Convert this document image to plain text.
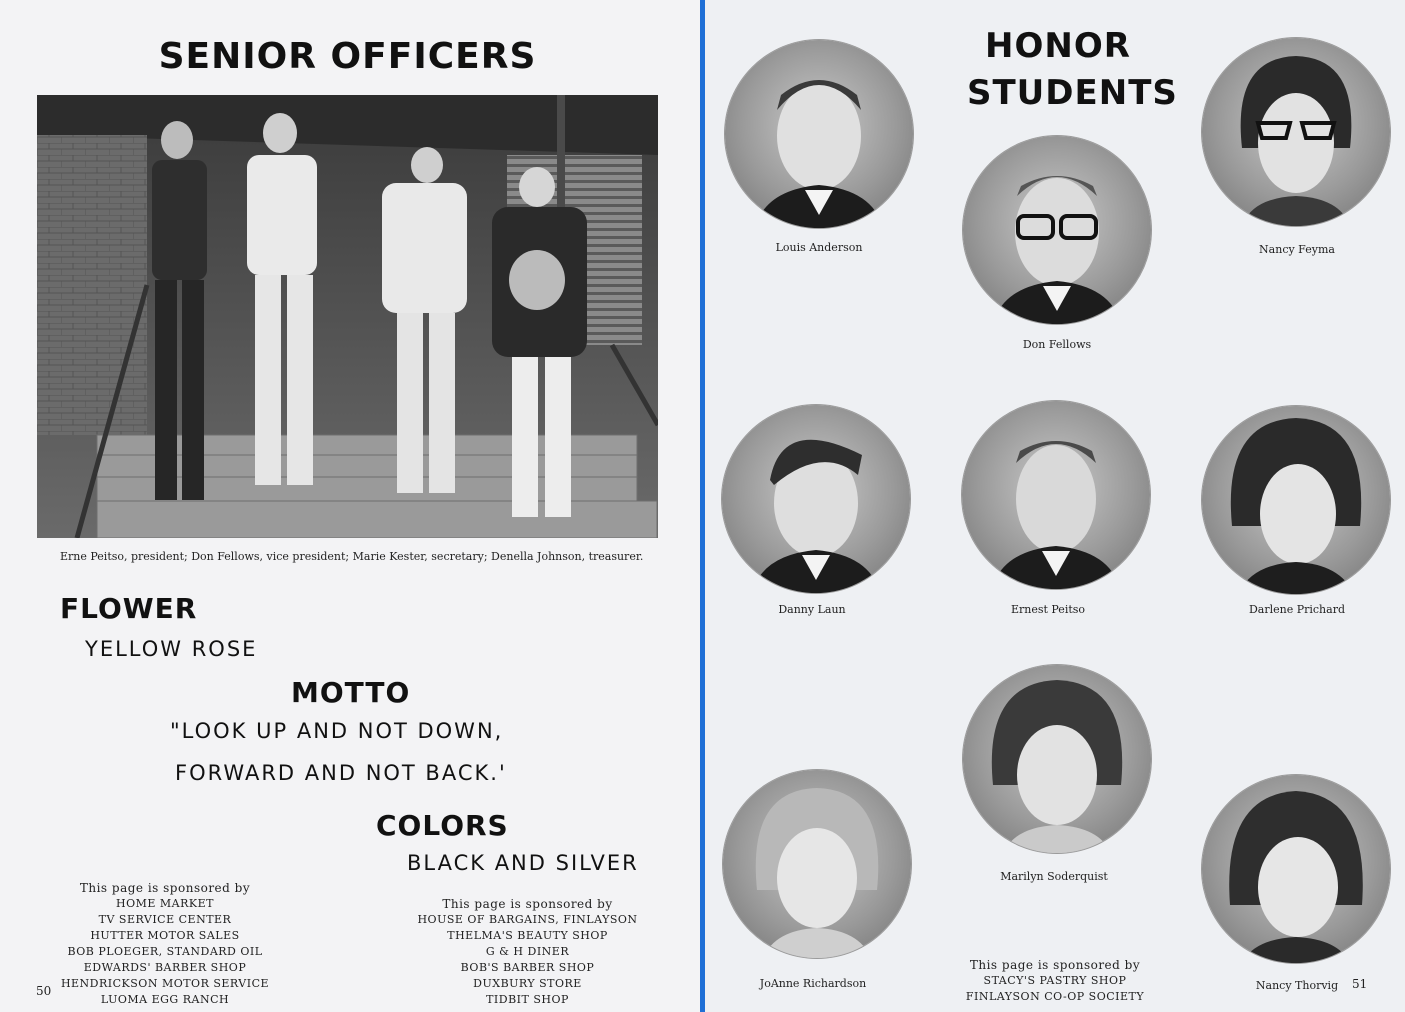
SENIOR OFFICERS
Erne Peitso, president; Don Fellows, vice president; Marie Kester, secretary; Denella Johnson, treasurer.
FLOWER
YELLOW ROSE
MOTTO
"LOOK UP AND NOT DOWN,
FORWARD AND NOT BACK.'
COLORS
BLACK AND SILVER
This page is sponsored by
HOME MARKET
TV SERVICE CENTER
HUTTER MOTOR SALES
BOB PLOEGER, STANDARD OIL
EDWARDS' BARBER SHOP
HENDRICKSON MOTOR SERVICE
LUOMA EGG RANCH
This page is sponsored by
HOUSE OF BARGAINS, FINLAYSON
THELMA'S BEAUTY SHOP
G & H DINER
BOB'S BARBER SHOP
DUXBURY STORE
TIDBIT SHOP
50
HONOR
STUDENTS
Louis Anderson
Don Fellows
Nancy Feyma
Danny Laun	Ernest Peitso	Darlene Prichard
JoAnne Richardson
Marilyn Soderquist
Nancy Thorvig
This page is sponsored by
STACY'S PASTRY SHOP
FINLAYSON CO-OP SOCIETY
51
